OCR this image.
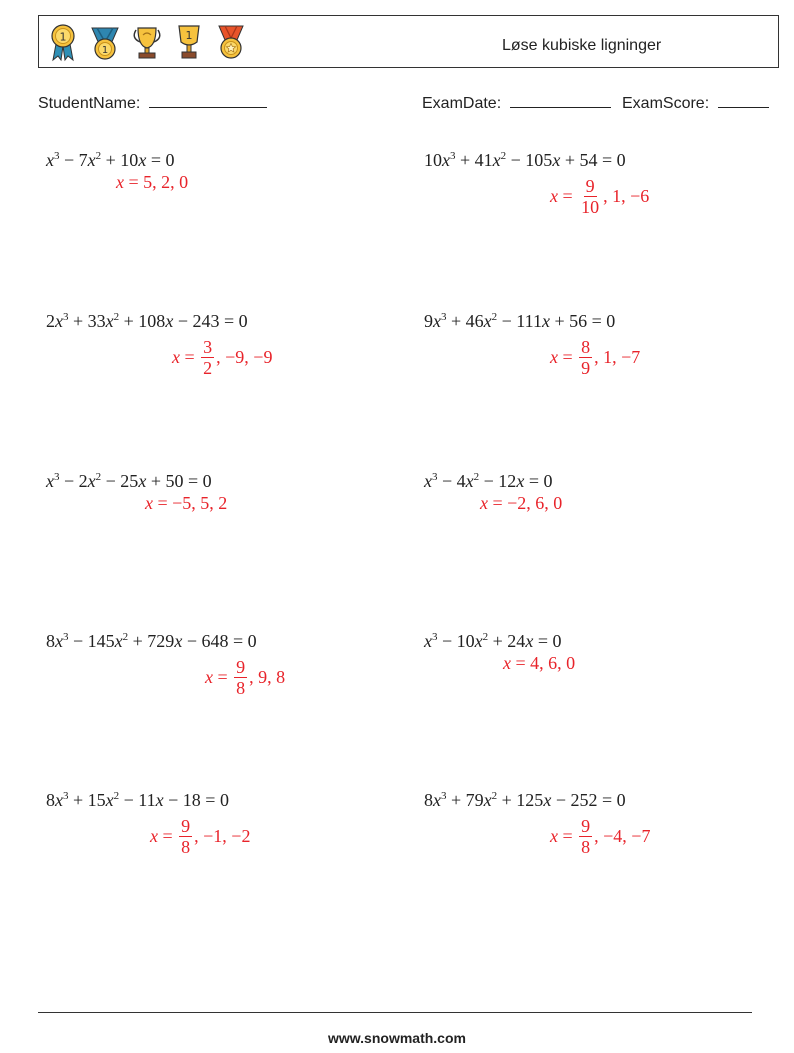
1
1
1
Løse kubiske ligninger
StudentName:	ExamDate:	ExamScore:
$x^3 - 7x^2 + 10x = 0$
x = 5, 2, 0
$10x^3 + 41x^2 - 105x + 54 = 0$
$x = \frac{9}{10}$ , 1, −6
$2x^3 + 33x^2 + 108x - 243 = 0$
$x = \frac{3}{2}$ , −9, −9
$9x^3 + 46x^2 - 111x + 56 = 0$
$x = \frac{8}{9}$ , 1, −7
$x^3 - 2x^2 - 25x + 50 = 0$
x = −5, 5, 2
$x^3 - 4x^2 - 12x = 0$
x = −2, 6, 0
$8x^3 - 145x^2 + 729x - 648 = 0$
$x = \frac{9}{8}$ , 9, 8
$x^3 - 10x^2 + 24x = 0$
x = 4, 6, 0
$8x^3 + 15x^2 - 11x - 18 = 0$
$x = \frac{9}{8}$ , −1, −2
$8x^3 + 79x^2 + 125x - 252 = 0$
$x = \frac{9}{8}$ , −4, −7
www.snowmath.com
